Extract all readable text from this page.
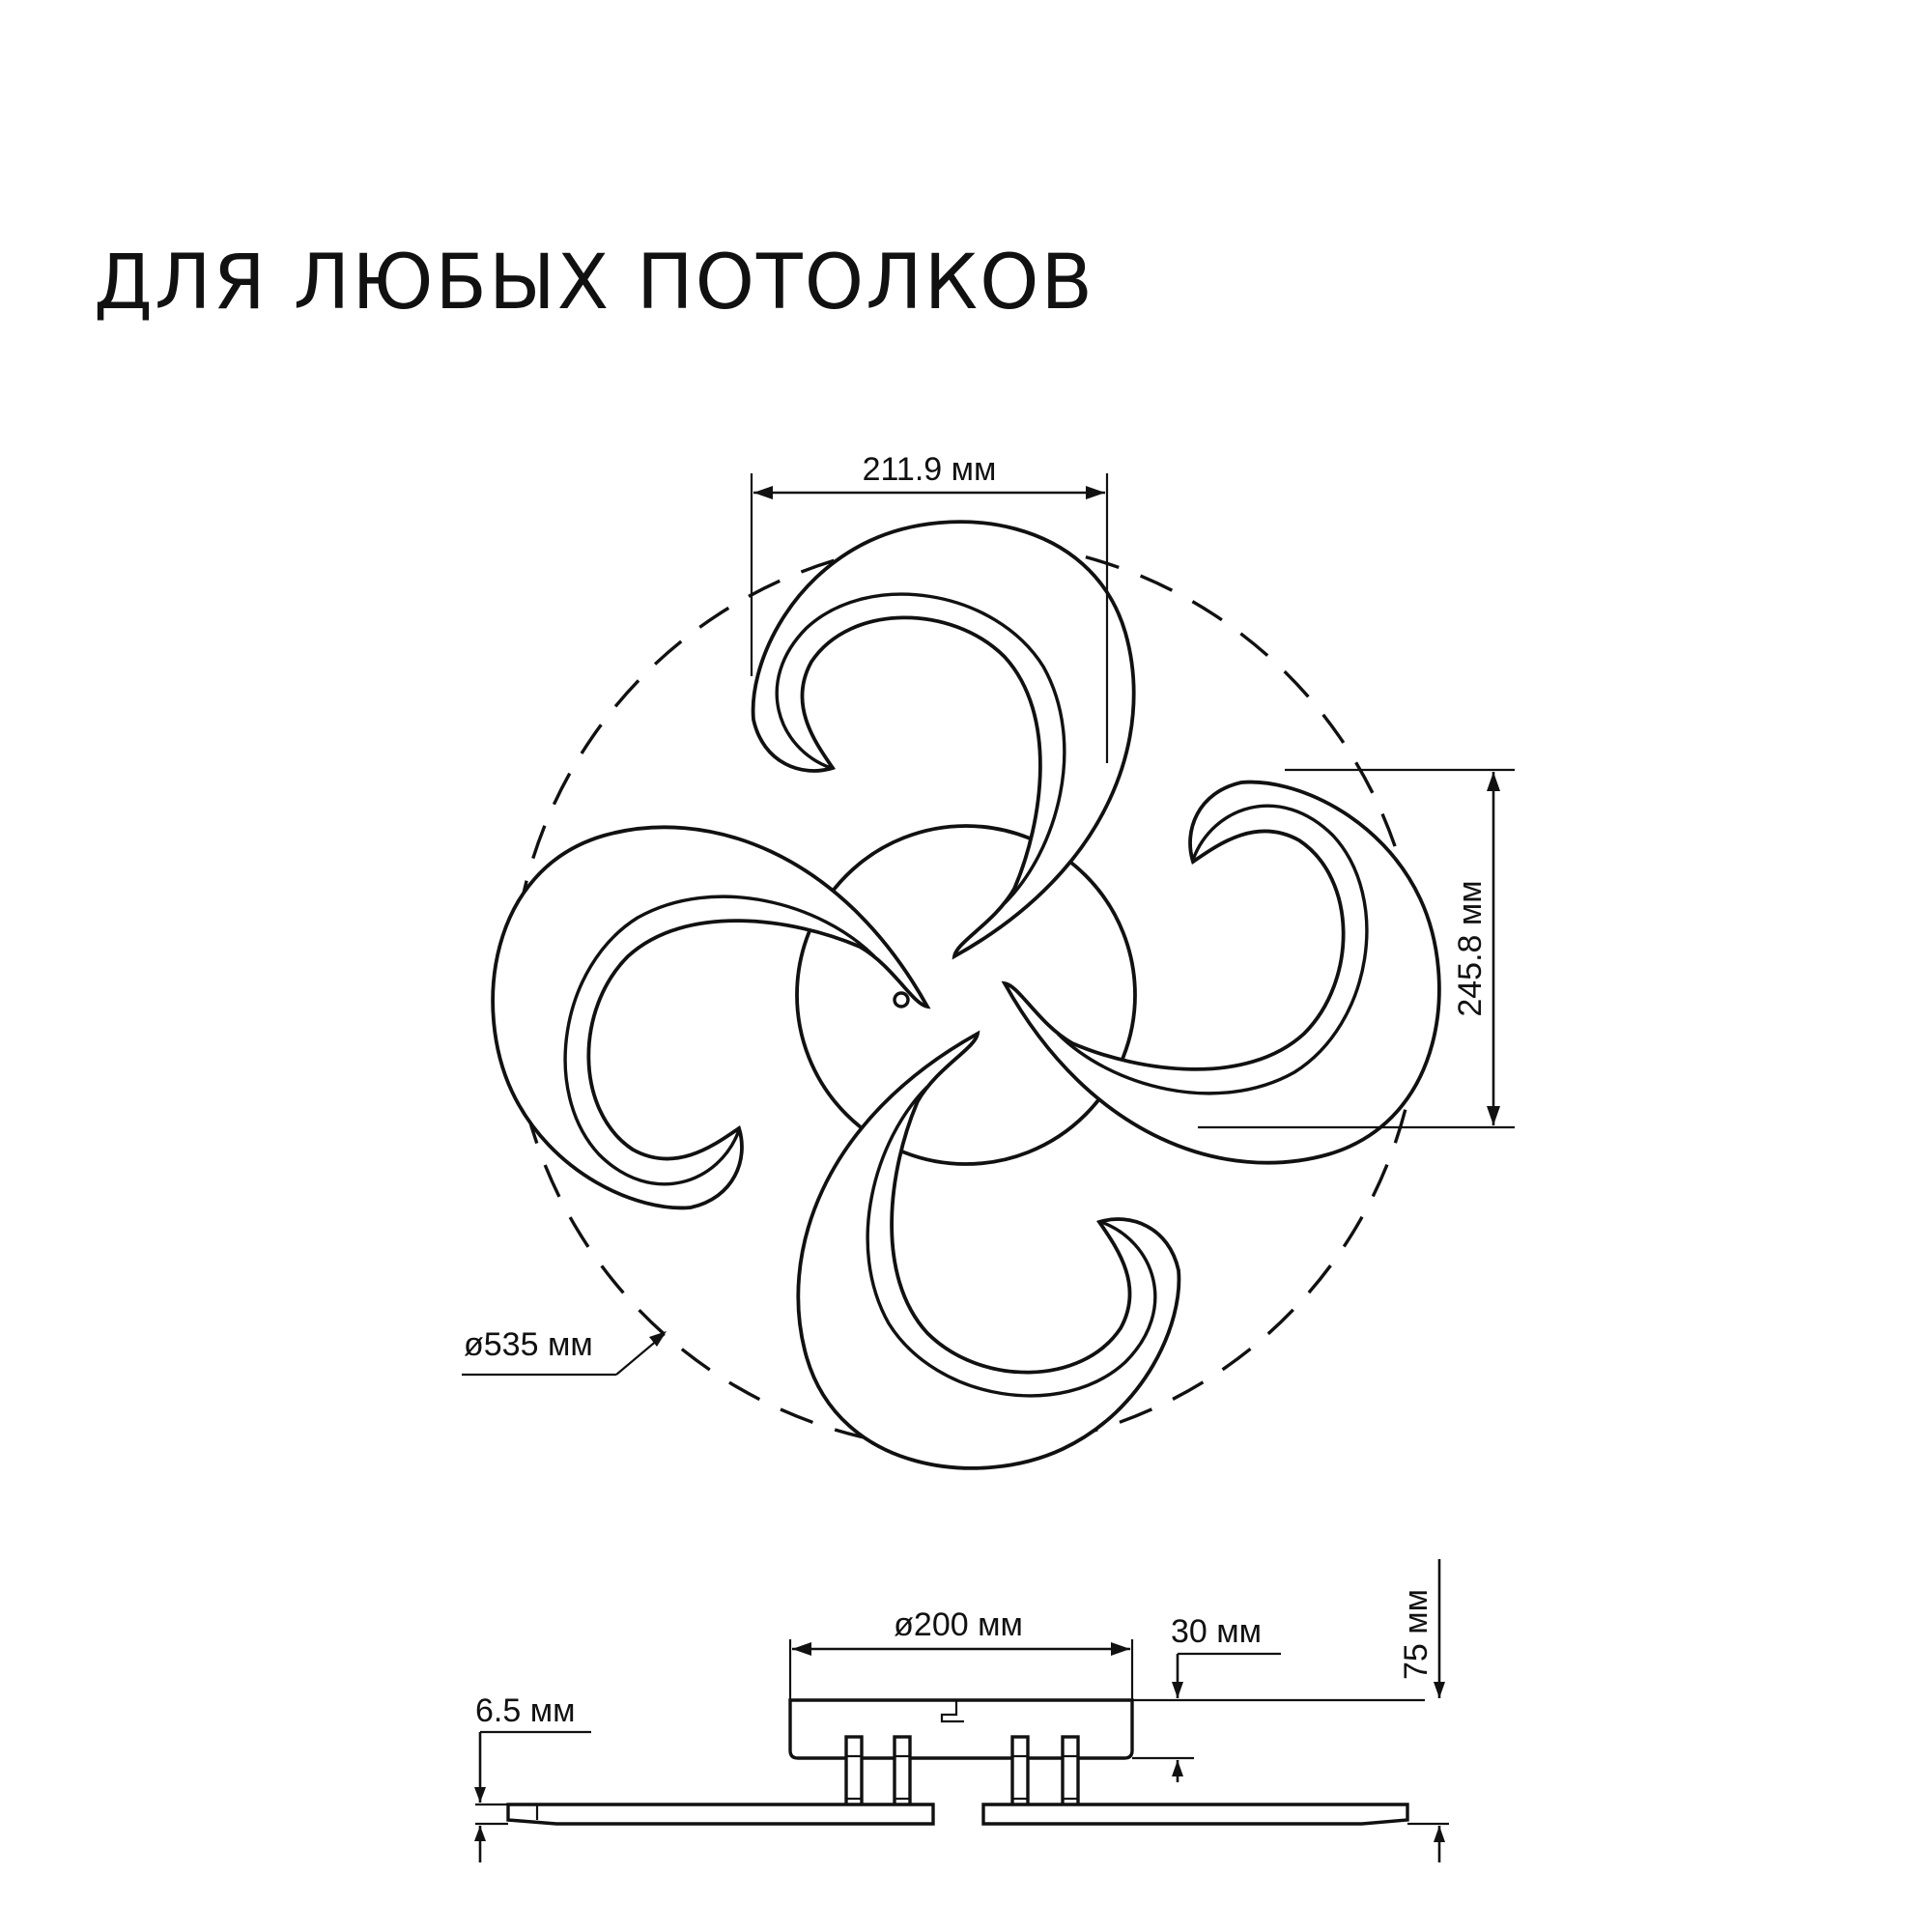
ДЛЯ ЛЮБЫХ ПОТОЛКОВ
211.9 мм
245.8 мм
ø535 мм
ø200 мм	30 мм	75 мм
6.5 мм
